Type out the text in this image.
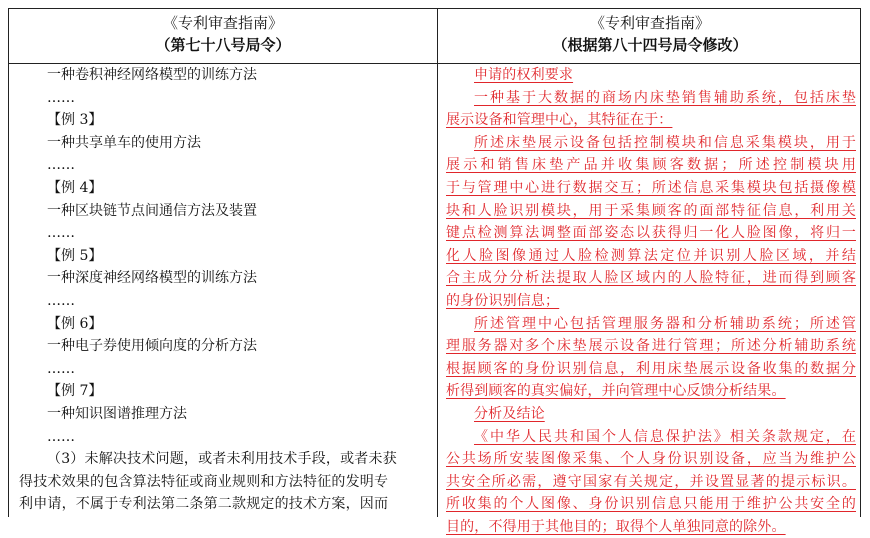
《专利审查指南》
（第七十八号局令）
《专利审查指南》
（根据第八十四号局令修改）
一种卷积神经网络模型的训练方法
……
【例 3】
一种共享单车的使用方法
……
【例 4】
一种区块链节点间通信方法及装置
……
【例 5】
一种深度神经网络模型的训练方法
……
【例 6】
一种电子券使用倾向度的分析方法
……
【例 7】
一种知识图谱推理方法
……
（3）未解决技术问题，或者未利用技术手段，或者未获
得技术效果的包含算法特征或商业规则和方法特征的发明专
利申请，不属于专利法第二条第二款规定的技术方案，因而
申请的权利要求
一种基于大数据的商场内床垫销售辅助系统，包括床垫
展示设备和管理中心，其特征在于：
所述床垫展示设备包括控制模块和信息采集模块，用于
展示和销售床垫产品并收集顾客数据；所述控制模块用
于与管理中心进行数据交互；所述信息采集模块包括摄像模
块和人脸识别模块，用于采集顾客的面部特征信息，利用关
键点检测算法调整面部姿态以获得归一化人脸图像，将归一
化人脸图像通过人脸检测算法定位并识别人脸区域，并结
合主成分分析法提取人脸区域内的人脸特征，进而得到顾客
的身份识别信息；
所述管理中心包括管理服务器和分析辅助系统；所述管
理服务器对多个床垫展示设备进行管理；所述分析辅助系统
根据顾客的身份识别信息，利用床垫展示设备收集的数据分
析得到顾客的真实偏好，并向管理中心反馈分析结果。
分析及结论
《中华人民共和国个人信息保护法》相关条款规定，在
公共场所安装图像采集、个人身份识别设备，应当为维护公
共安全所必需，遵守国家有关规定，并设置显著的提示标识。
所收集的个人图像、身份识别信息只能用于维护公共安全的
目的，不得用于其他目的；取得个人单独同意的除外。
